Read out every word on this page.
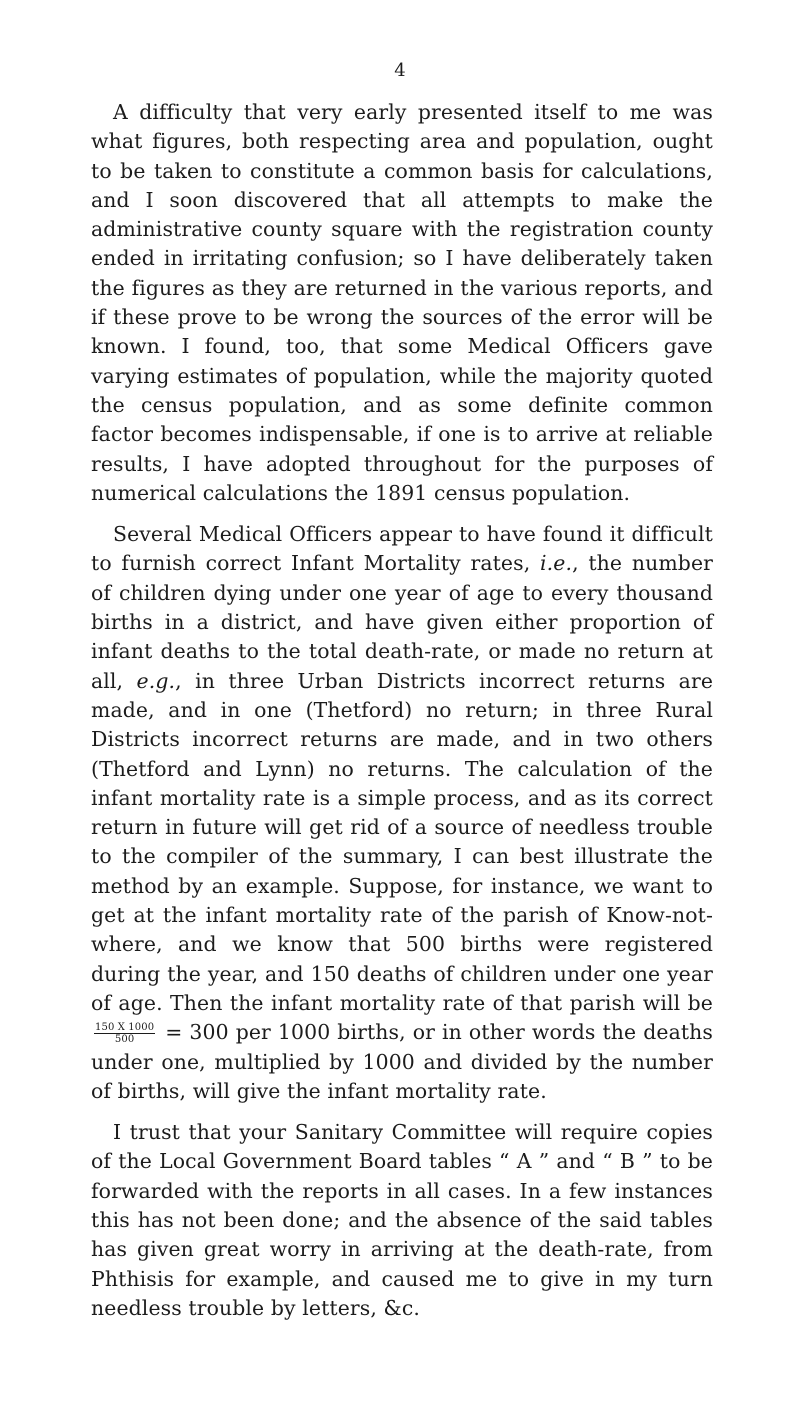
4

A difficulty that very early presented itself to me was what figures, both respecting area and population, ought to be taken to constitute a common basis for calculations, and I soon discovered that all attempts to make the administrative county square with the registration county ended in irritating confusion; so I have deliberately taken the figures as they are returned in the various reports, and if these prove to be wrong the sources of the error will be known. I found, too, that some Medical Officers gave varying estimates of population, while the majority quoted the census population, and as some definite common factor becomes indispensable, if one is to arrive at reliable results, I have adopted throughout for the purposes of numerical calculations the 1891 census population.

Several Medical Officers appear to have found it difficult to furnish correct Infant Mortality rates, i.e., the number of children dying under one year of age to every thousand births in a district, and have given either proportion of infant deaths to the total death-rate, or made no return at all, e.g., in three Urban Districts incorrect returns are made, and in one (Thetford) no return; in three Rural Districts incorrect returns are made, and in two others (Thetford and Lynn) no returns. The calculation of the infant mortality rate is a simple process, and as its correct return in future will get rid of a source of needless trouble to the compiler of the summary, I can best illustrate the method by an example. Suppose, for instance, we want to get at the infant mortality rate of the parish of Know-not-where, and we know that 500 births were registered during the year, and 150 deaths of children under one year of age. Then the infant mortality rate of that parish will be
$\frac{150 X 1000}{500} = 300$ per 1000 births, or in other words the deaths under one, multiplied by 1000 and divided by the number of births, will give the infant mortality rate.

I trust that your Sanitary Committee will require copies of the Local Government Board tables “ A ” and “ B ” to be forwarded with the reports in all cases. In a few instances this has not been done; and the absence of the said tables has given great worry in arriving at the death-rate, from Phthisis for example, and caused me to give in my turn needless trouble by letters, &c.
